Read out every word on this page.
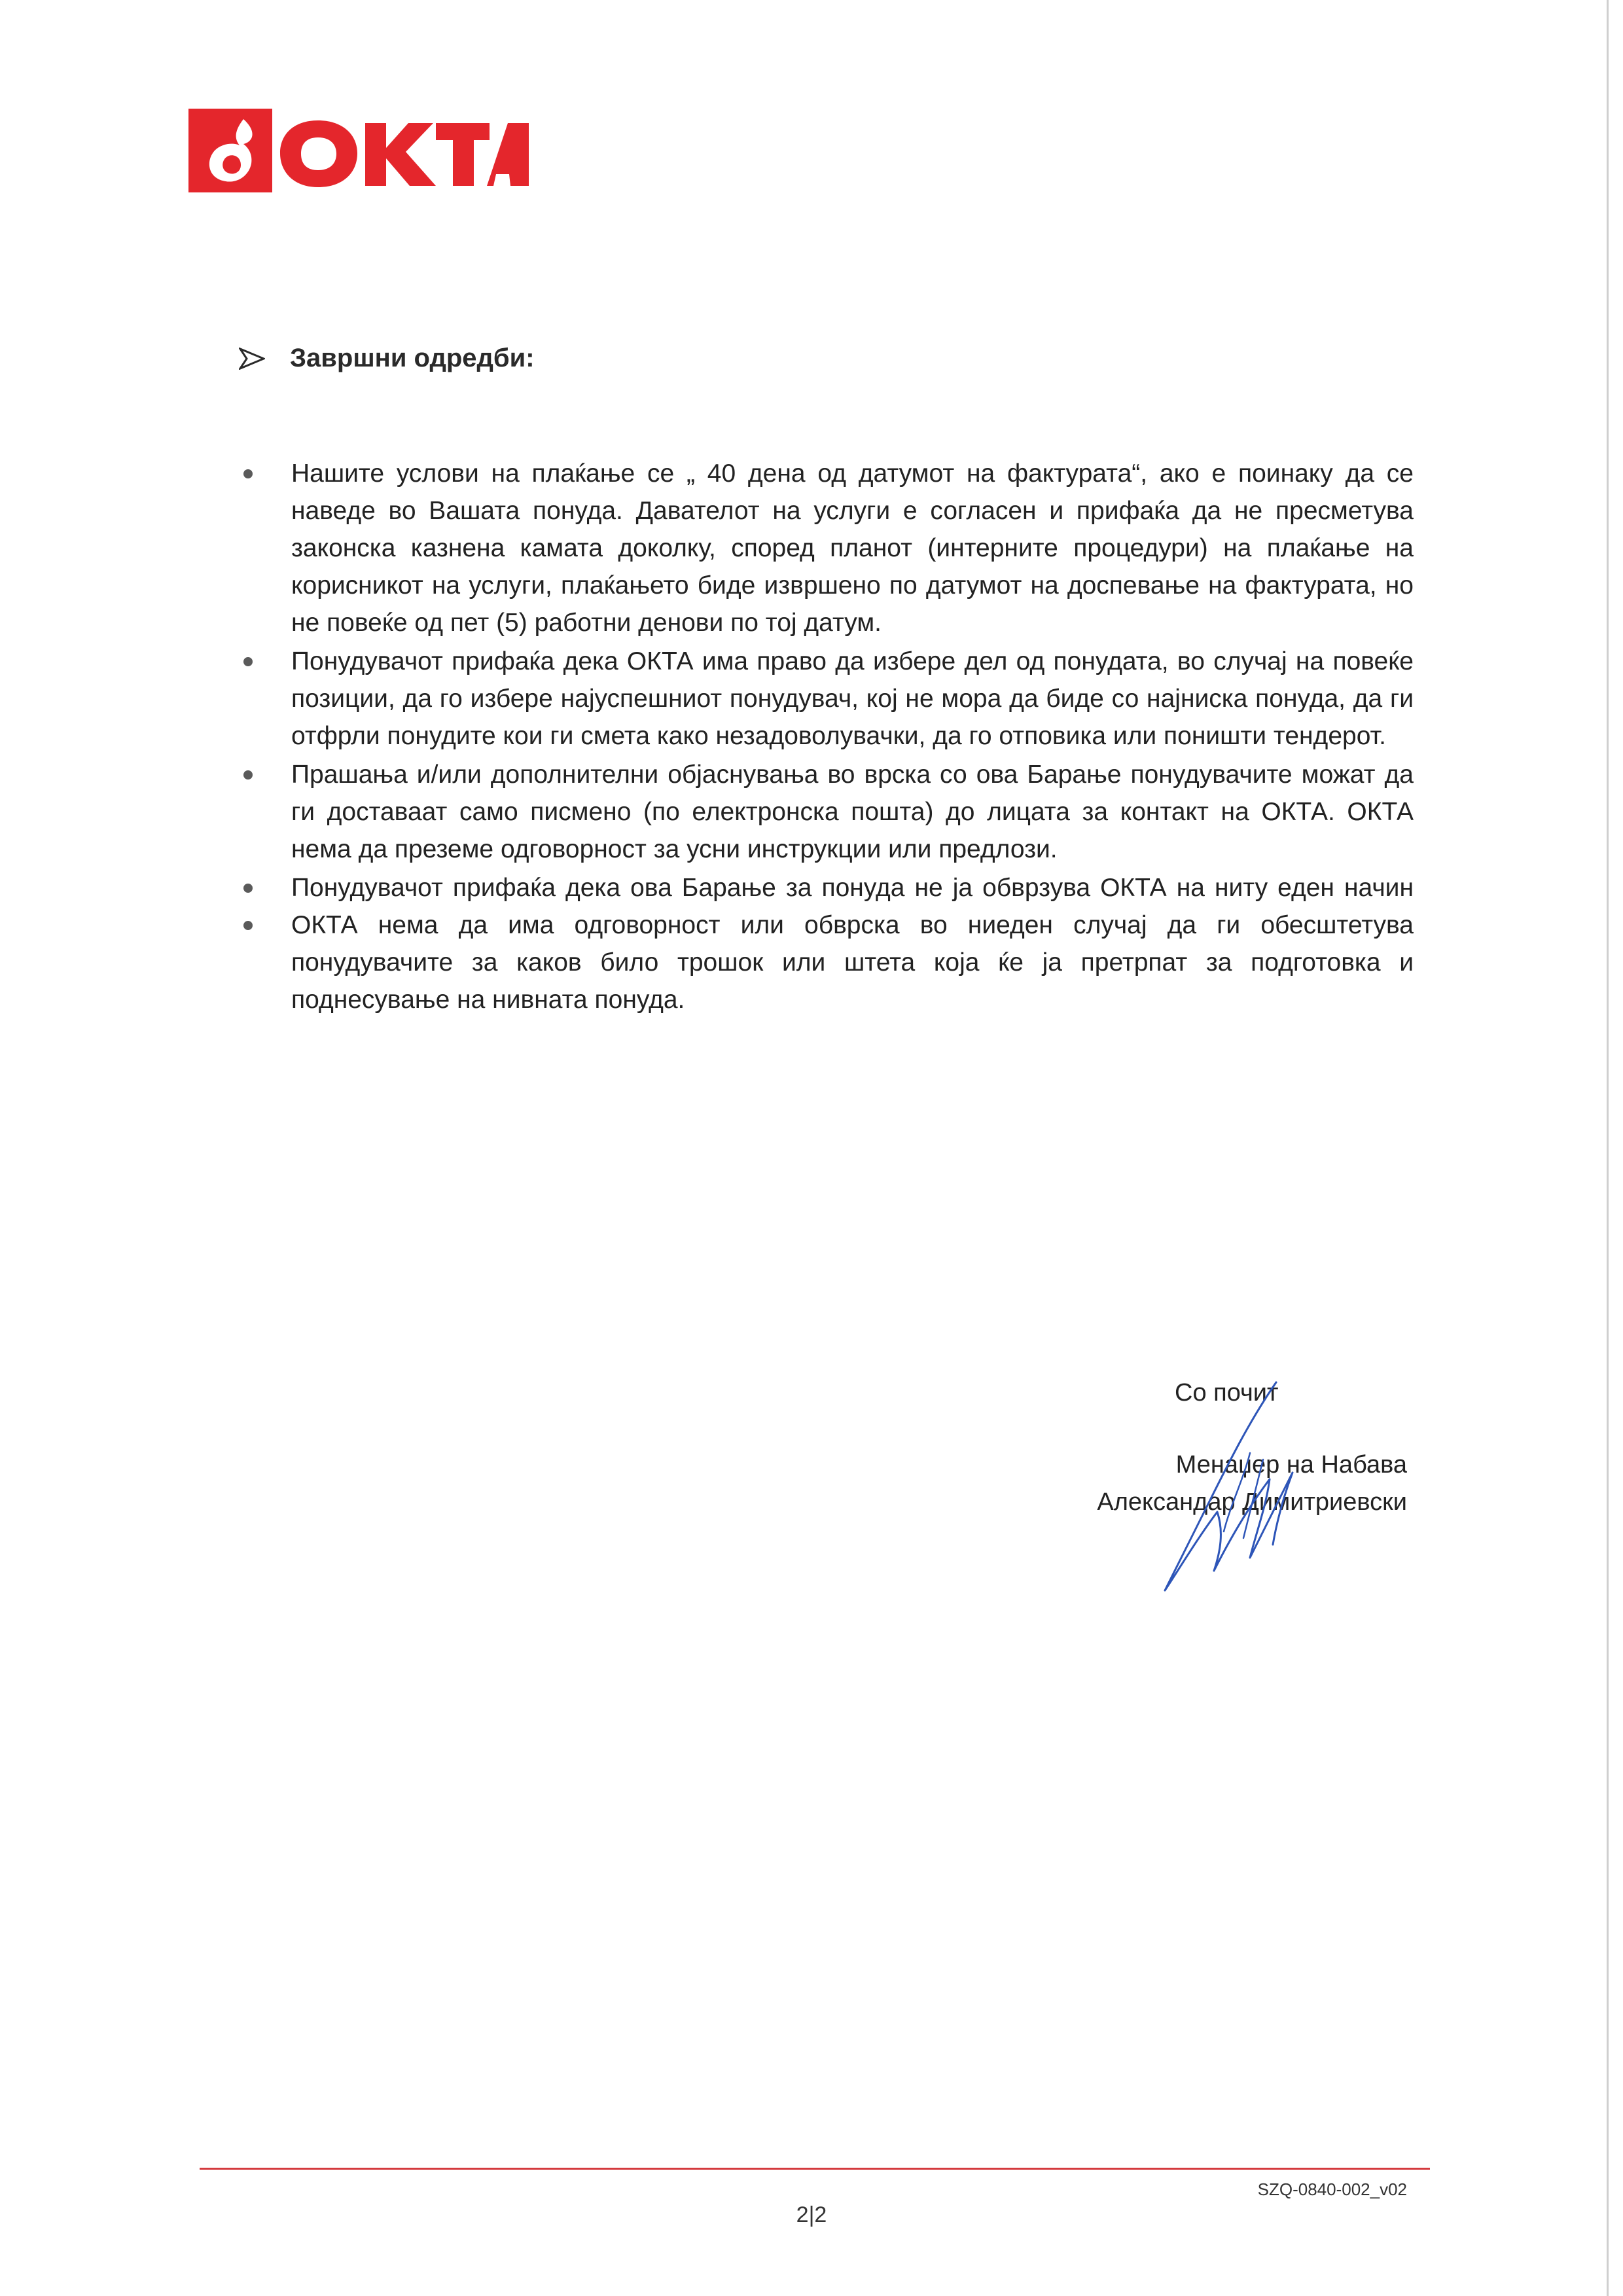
Завршни одредби:
Нашите услови на плаќање се „ 40 дена од датумот на фактурата“, ако е поинаку да се наведе во Вашата понуда. Давателот на услуги е согласен и прифаќа да не пресметува законска казнена камата доколку, според планот (интерните процедури) на плаќање на корисникот на услуги, плаќањето биде извршено по датумот на доспевање на фактурата, но не повеќе од пет (5) работни денови по тој датум.
Понудувачот прифаќа дека ОКТА има право да избере дел од понудата, во случај на повеќе позиции, да го избере најуспешниот понудувач, кој не мора да биде со најниска понуда, да ги отфрли понудите кои ги смета како незадоволувачки, да го отповика или поништи тендерот.
Прашања и/или дополнителни објаснувања во врска со ова Барање понудувачите можат да ги доставаат само писмено (по електронска пошта) до лицата за контакт на ОКТА. ОКТА нема да преземе одговорност за усни инструкции или предлози.
Понудувачот прифаќа дека ова Барање за понуда не ја обврзува ОКТА на ниту еден начин ОКТА нема да има одговорност или обврска во ниеден случај да ги обесштетува понудувачите за каков било трошок или штета која ќе ја претрпат за подготовка и поднесување на нивната понуда.
Со почит
Менаџер на Набава
Александар Димитриевски
SZQ-0840-002_v02
2|2
